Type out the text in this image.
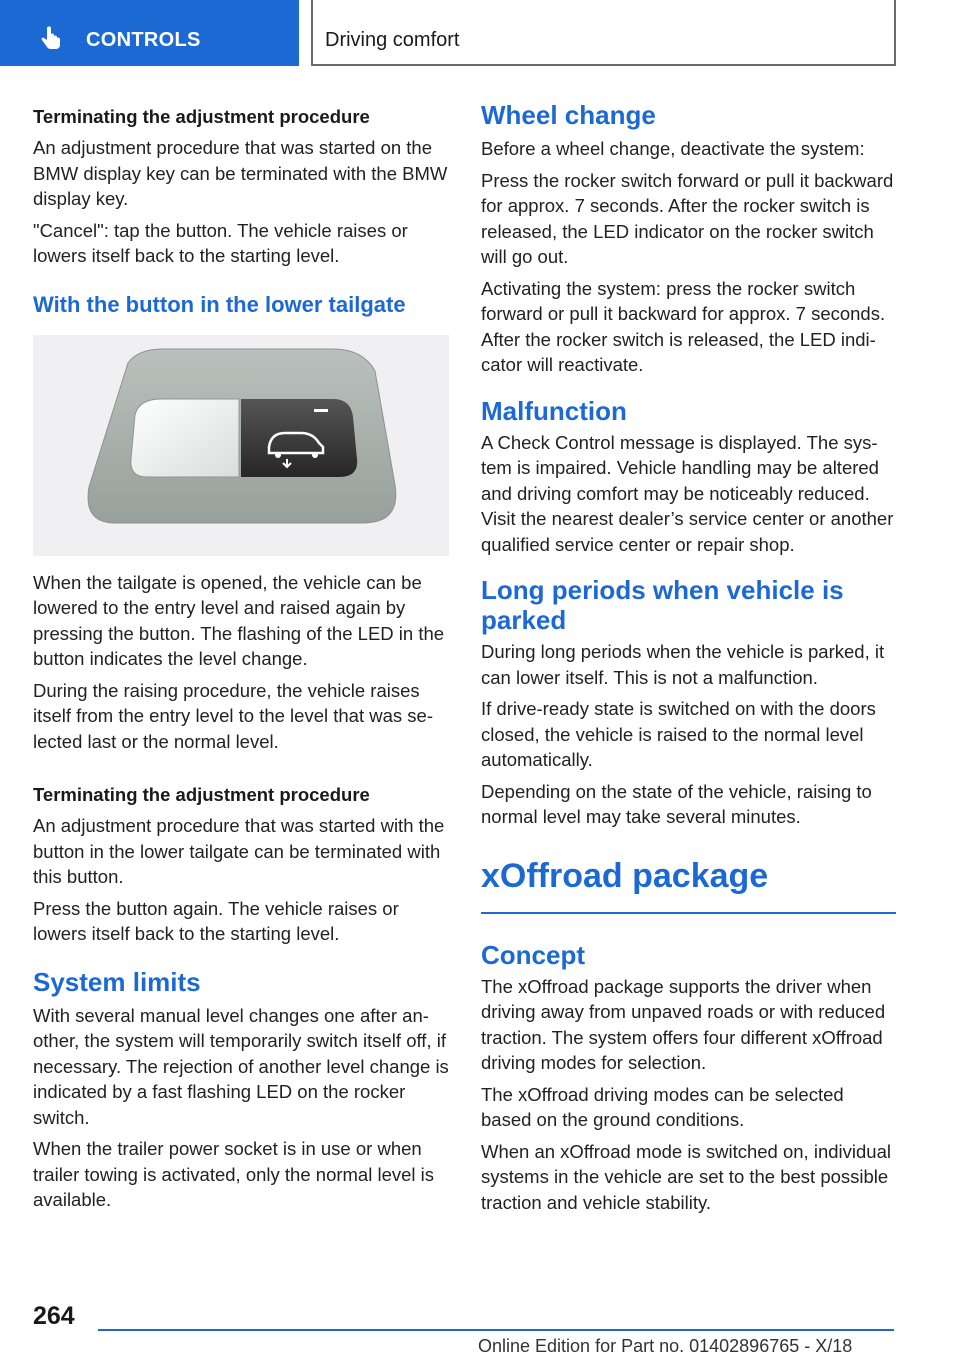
CONTROLS	Driving comfort
Terminating the adjustment procedure

An adjustment procedure that was started on the BMW display key can be terminated with the BMW display key.

"Cancel": tap the button. The vehicle raises or lowers itself back to the starting level.

With the button in the lower tailgate

When the tailgate is opened, the vehicle can be lowered to the entry level and raised again by pressing the button. The flashing of the LED in the button indicates the level change.

During the raising procedure, the vehicle raises itself from the entry level to the level that was selected last or the normal level.

Terminating the adjustment procedure

An adjustment procedure that was started with the button in the lower tailgate can be terminated with this button.

Press the button again. The vehicle raises or lowers itself back to the starting level.

System limits

With several manual level changes one after another, the system will temporarily switch itself off, if necessary. The rejection of another level change is indicated by a fast flashing LED on the rocker switch.

When the trailer power socket is in use or when trailer towing is activated, only the normal level is available.

Wheel change

Before a wheel change, deactivate the system:

Press the rocker switch forward or pull it backward for approx. 7 seconds. After the rocker switch is released, the LED indicator on the rocker switch will go out.

Activating the system: press the rocker switch forward or pull it backward for approx. 7 seconds. After the rocker switch is released, the LED indicator will reactivate.

Malfunction

A Check Control message is displayed. The system is impaired. Vehicle handling may be altered and driving comfort may be noticeably reduced. Visit the nearest dealer’s service center or another qualified service center or repair shop.

Long periods when vehicle is parked

During long periods when the vehicle is parked, it can lower itself. This is not a malfunction.

If drive-ready state is switched on with the doors closed, the vehicle is raised to the normal level automatically.

Depending on the state of the vehicle, raising to normal level may take several minutes.

xOffroad package
Concept

The xOffroad package supports the driver when driving away from unpaved roads or with reduced traction. The system offers four different xOffroad driving modes for selection.

The xOffroad driving modes can be selected based on the ground conditions.

When an xOffroad mode is switched on, individual systems in the vehicle are set to the best possible traction and vehicle stability.

264
Online Edition for Part no. 01402896765 - X/18
